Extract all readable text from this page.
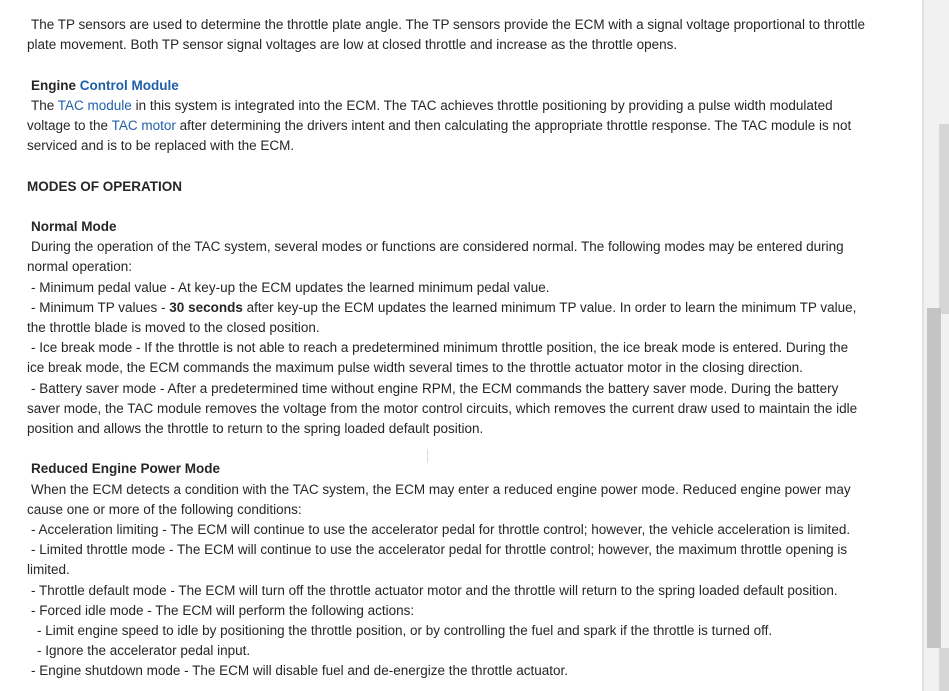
The TP sensors are used to determine the throttle plate angle. The TP sensors provide the ECM with a signal voltage proportional to throttle
plate movement. Both TP sensor signal voltages are low at closed throttle and increase as the throttle opens.

Engine Control Module

The TAC module in this system is integrated into the ECM. The TAC achieves throttle positioning by providing a pulse width modulated
voltage to the TAC motor after determining the drivers intent and then calculating the appropriate throttle response. The TAC module is not
serviced and is to be replaced with the ECM.

MODES OF OPERATION

Normal Mode

During the operation of the TAC system, several modes or functions are considered normal. The following modes may be entered during
normal operation:
- Minimum pedal value - At key-up the ECM updates the learned minimum pedal value.
- Minimum TP values - 30 seconds after key-up the ECM updates the learned minimum TP value. In order to learn the minimum TP value,
the throttle blade is moved to the closed position.
- Ice break mode - If the throttle is not able to reach a predetermined minimum throttle position, the ice break mode is entered. During the
ice break mode, the ECM commands the maximum pulse width several times to the throttle actuator motor in the closing direction.
- Battery saver mode - After a predetermined time without engine RPM, the ECM commands the battery saver mode. During the battery
saver mode, the TAC module removes the voltage from the motor control circuits, which removes the current draw used to maintain the idle
position and allows the throttle to return to the spring loaded default position.

Reduced Engine Power Mode

When the ECM detects a condition with the TAC system, the ECM may enter a reduced engine power mode. Reduced engine power may
cause one or more of the following conditions:
- Acceleration limiting - The ECM will continue to use the accelerator pedal for throttle control; however, the vehicle acceleration is limited.
- Limited throttle mode - The ECM will continue to use the accelerator pedal for throttle control; however, the maximum throttle opening is
limited.
- Throttle default mode - The ECM will turn off the throttle actuator motor and the throttle will return to the spring loaded default position.
- Forced idle mode - The ECM will perform the following actions:
- Limit engine speed to idle by positioning the throttle position, or by controlling the fuel and spark if the throttle is turned off.
- Ignore the accelerator pedal input.
- Engine shutdown mode - The ECM will disable fuel and de-energize the throttle actuator.
